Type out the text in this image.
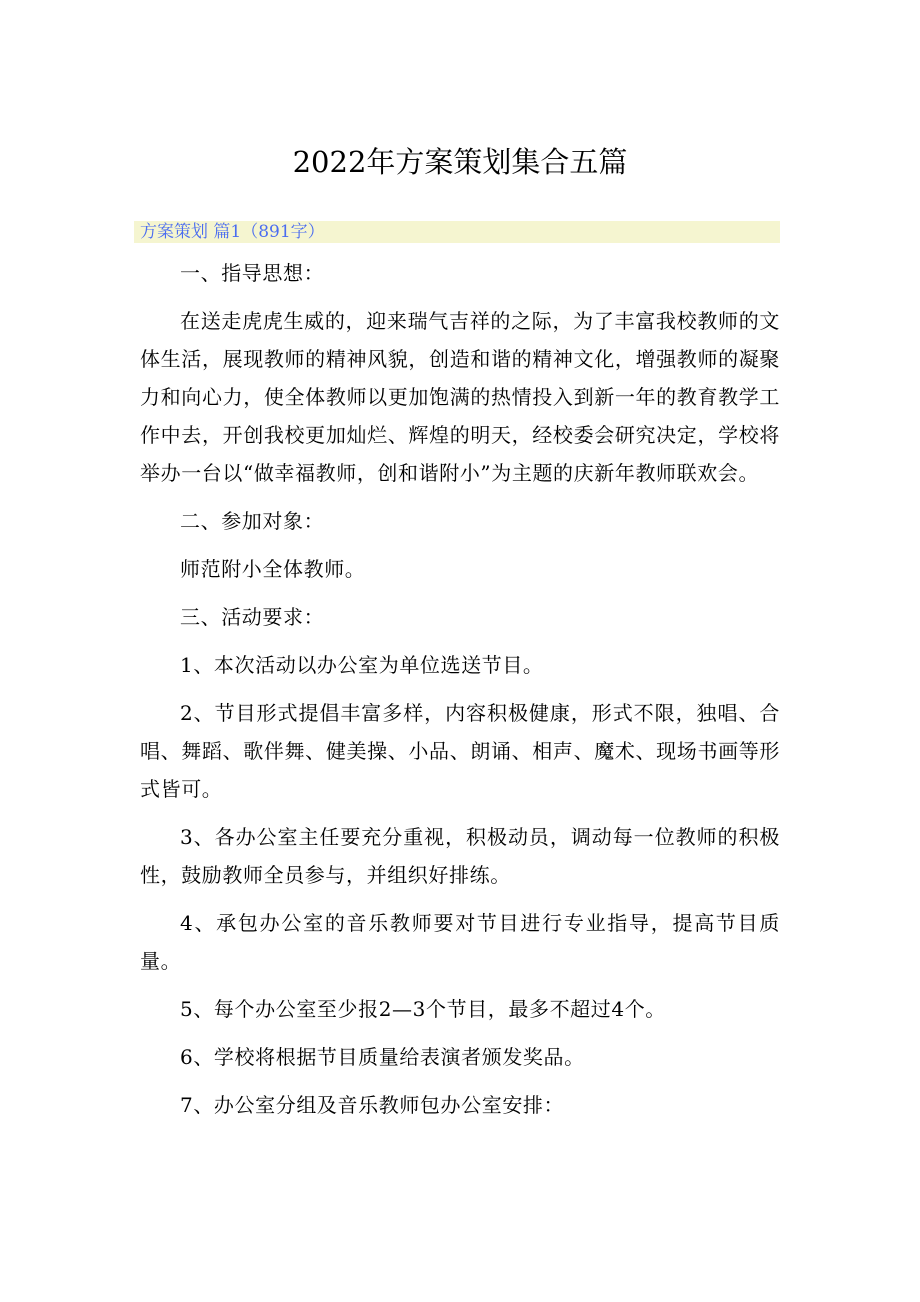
2022年方案策划集合五篇
方案策划 篇1（891字）

一、指导思想：

在送走虎虎生威的，迎来瑞气吉祥的之际，为了丰富我校教师的文体生活，展现教师的精神风貌，创造和谐的精神文化，增强教师的凝聚力和向心力，使全体教师以更加饱满的热情投入到新一年的教育教学工作中去，开创我校更加灿烂、辉煌的明天，经校委会研究决定，学校将举办一台以“做幸福教师，创和谐附小”为主题的庆新年教师联欢会。

二、参加对象：

师范附小全体教师。

三、活动要求：

1、本次活动以办公室为单位选送节目。

2、节目形式提倡丰富多样，内容积极健康，形式不限，独唱、合唱、舞蹈、歌伴舞、健美操、小品、朗诵、相声、魔术、现场书画等形式皆可。

3、各办公室主任要充分重视，积极动员，调动每一位教师的积极性，鼓励教师全员参与，并组织好排练。

4、承包办公室的音乐教师要对节目进行专业指导，提高节目质量。

5、每个办公室至少报2—3个节目，最多不超过4个。

6、学校将根据节目质量给表演者颁发奖品。

7、办公室分组及音乐教师包办公室安排：
